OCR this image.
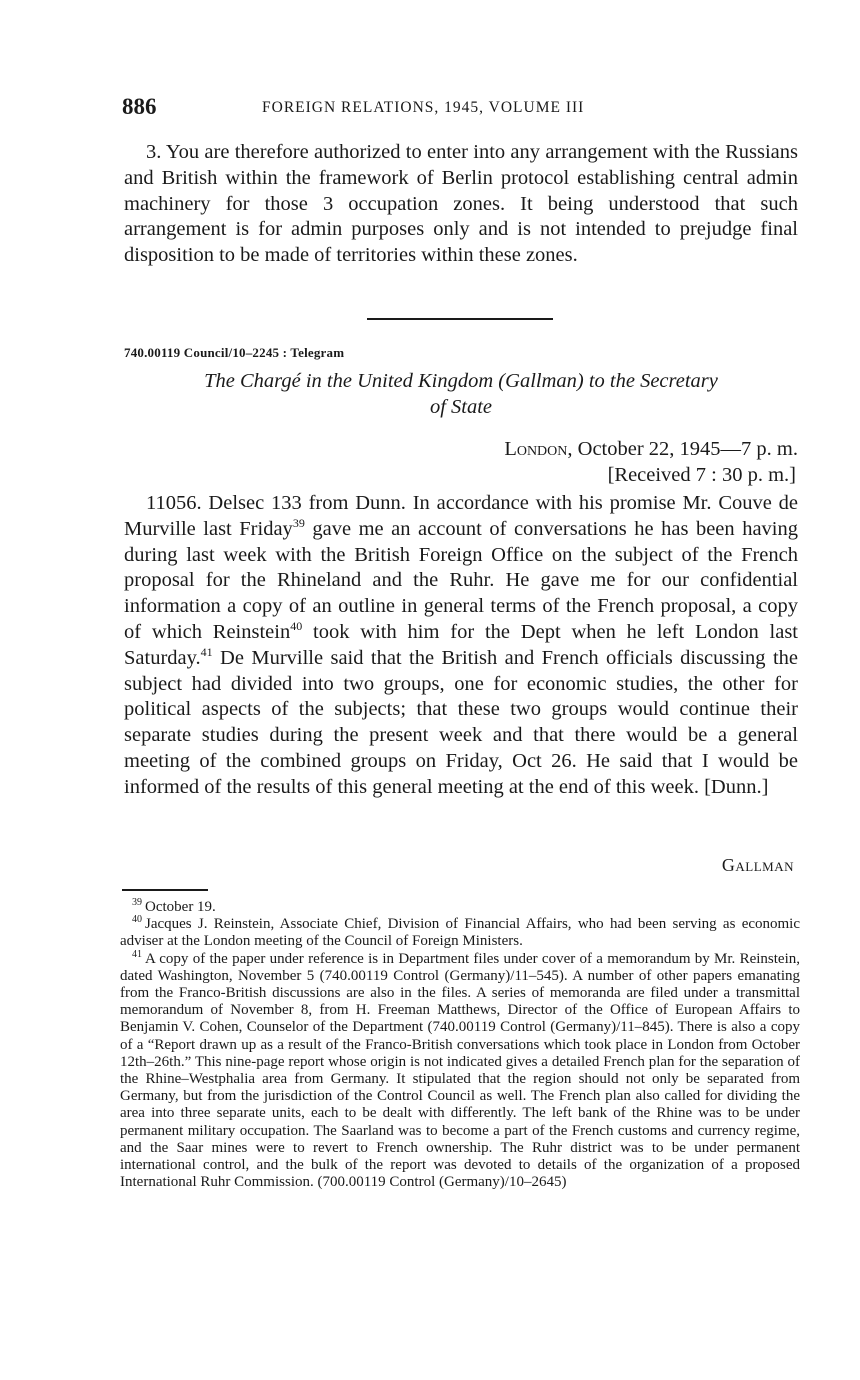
886	FOREIGN RELATIONS, 1945, VOLUME III

3. You are therefore authorized to enter into any arrangement with the Russians and British within the framework of Berlin protocol establishing central admin machinery for those 3 occupation zones. It being understood that such arrangement is for admin purposes only and is not intended to prejudge final disposition to be made of territories within these zones.

740.00119 Council/10–2245 : Telegram
The Chargé in the United Kingdom (Gallman) to the Secretary
of State
London, October 22, 1945—7 p. m.
[Received 7 : 30 p. m.]

11056. Delsec 133 from Dunn. In accordance with his promise Mr. Couve de Murville last Friday$^{39}$ gave me an account of conversations he has been having during last week with the British Foreign Office on the subject of the French proposal for the Rhineland and the Ruhr. He gave me for our confidential information a copy of an outline in general terms of the French proposal, a copy of which Reinstein$^{40}$ took with him for the Dept when he left London last Saturday.$^{41}$ De Murville said that the British and French officials discussing the subject had divided into two groups, one for economic studies, the other for political aspects of the subjects; that these two groups would continue their separate studies during the present week and that there would be a general meeting of the combined groups on Friday, Oct 26. He said that I would be informed of the results of this general meeting at the end of this week. [Dunn.]

Gallman

$^{39}$ October 19.

$^{40}$ Jacques J. Reinstein, Associate Chief, Division of Financial Affairs, who had been serving as economic adviser at the London meeting of the Council of Foreign Ministers.

$^{41}$ A copy of the paper under reference is in Department files under cover of a memorandum by Mr. Reinstein, dated Washington, November 5 (740.00119 Control (Germany)/11–545). A number of other papers emanating from the Franco-British discussions are also in the files. A series of memoranda are filed under a transmittal memorandum of November 8, from H. Freeman Matthews, Director of the Office of European Affairs to Benjamin V. Cohen, Counselor of the Department (740.00119 Control (Germany)/11–845). There is also a copy of a “Report drawn up as a result of the Franco-British conversations which took place in London from October 12th–26th.” This nine-page report whose origin is not indicated gives a detailed French plan for the separation of the Rhine–Westphalia area from Germany. It stipulated that the region should not only be separated from Germany, but from the jurisdiction of the Control Council as well. The French plan also called for dividing the area into three separate units, each to be dealt with differently. The left bank of the Rhine was to be under permanent military occupation. The Saarland was to become a part of the French customs and currency regime, and the Saar mines were to revert to French ownership. The Ruhr district was to be under permanent international control, and the bulk of the report was devoted to details of the organization of a proposed International Ruhr Commission. (700.00119 Control (Germany)/10–2645)
